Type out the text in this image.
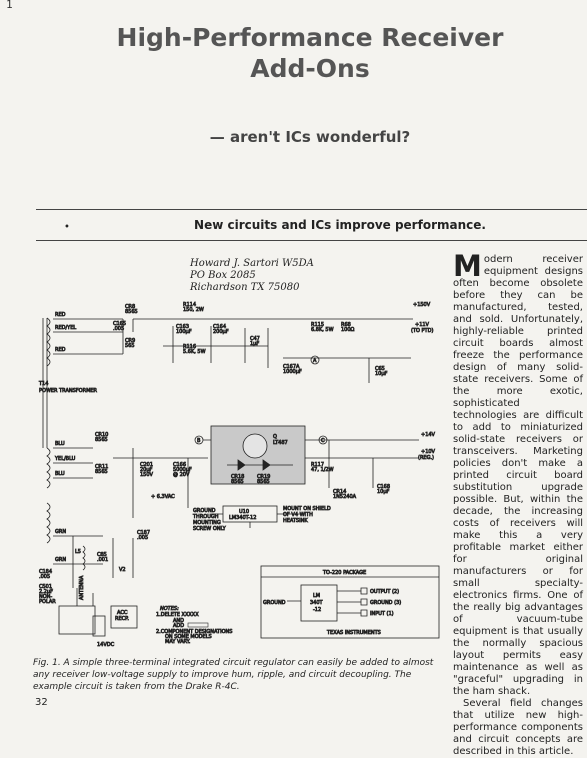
1
High-Performance Receiver
Add-Ons
— aren't ICs wonderful?
•	New circuits and ICs improve performance.
Howard J. Sartori W5DA
PO Box 2085
Richardson TX 75080

Modern receiver equipment designs often become obsolete before they can be manufactured, tested, and sold. Unfortunately, highly-reliable printed circuit boards almost freeze the performance design of many solid-state receivers. Some of the more exotic, sophisticated technologies are difficult to add to miniaturized solid-state receivers or transceivers. Marketing policies don't make a printed circuit board substitution upgrade possible. But, within the decade, the increasing costs of receivers will make this a very profitable market either for original manufacturers or for small specialty-electronics firms. One of the really big advantages of vacuum-tube equipment is that usually the normally spacious layout permits easy maintenance as well as "graceful" upgrading in the ham shack.

Several field changes that utilize new high-performance components and circuit concepts are described in this article.

RED
RED/YEL
RED
T14
POWER TRANSFORMER
BLU
YEL/BLU
BLU
GRN
GRN
CR8
8565
CR9
565
C165
.005
R114
150, 2W
C163
100µF
C164
200µF
R116
5.6K, 5W
C47
1µF
R115
6.8K, 5W
R68
100Ω
C167A
1000µF	C65
10µF
+150V
+11V
(TO PTD)
A
B	C
CR10
8565
CR11
8565
C201
20µF
150V
C166
5000µF
@ 20V
+ 6.3VAC
Q
LT487
CR18
8565
CR19
8565
R117
47, 1/2W
CR14
1N5240A
C168
10µF
+14V
+10V
(REG.)
U10
LM340T-12
GROUND
THROUGH
MOUNTING
SCREW ONLY
MOUNT ON SHIELD
OF V4 WITH
HEATSINK
L5	C85
.001
V2
C187
.005
C184
.005
C501
2.2µF
NON-
POLAR
ANTENNA
ACC
RECP.
14VDC
NOTES:
1.DELETE XXXXX
AND
ADD
2.COMPONENT DESIGNATIONS
ON SOME MODELS
MAY VARY.
TO-220 PACKAGE
GROUND
LM
340T
-12
OUTPUT (2)
GROUND (3)
INPUT (1)
TEXAS INSTRUMENTS
Fig. 1. A simple three-terminal integrated circuit regulator can easily be added to almost any receiver low-voltage supply to improve hum, ripple, and circuit decoupling. The example circuit is taken from the Drake R-4C.
32
